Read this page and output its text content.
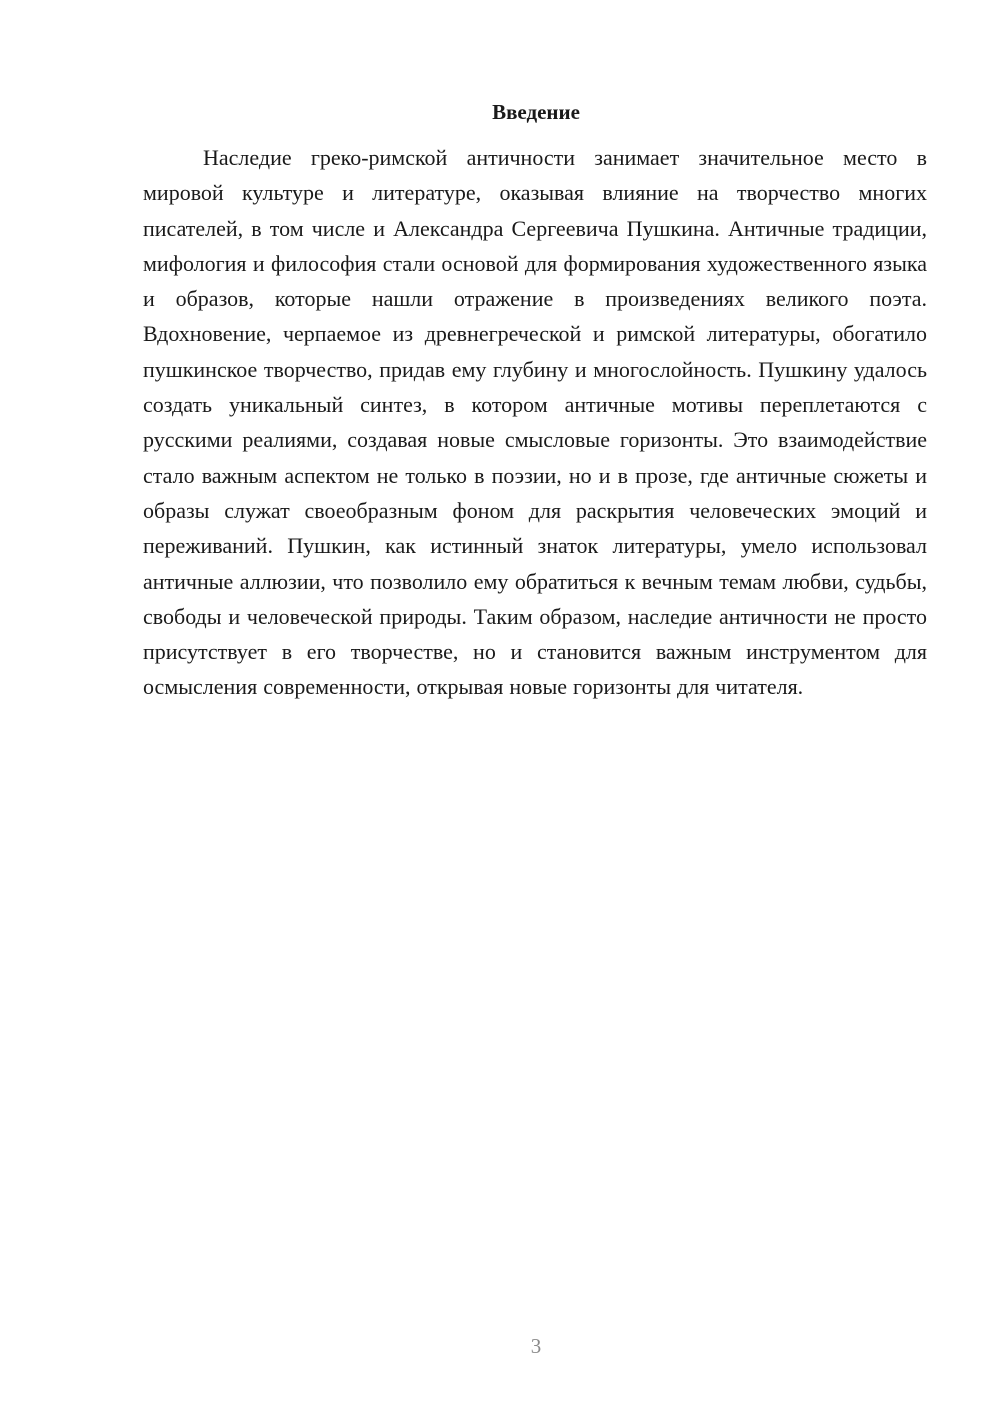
Введение

Наследие греко-римской античности занимает значительное место в мировой культуре и литературе, оказывая влияние на творчество многих писателей, в том числе и Александра Сергеевича Пушкина. Античные традиции, мифология и философия стали основой для формирования художественного языка и образов, которые нашли отражение в произведениях великого поэта. Вдохновение, черпаемое из древнегреческой и римской литературы, обогатило пушкинское творчество, придав ему глубину и многослойность. Пушкину удалось создать уникальный синтез, в котором античные мотивы переплетаются с русскими реалиями, создавая новые смысловые горизонты. Это взаимодействие стало важным аспектом не только в поэзии, но и в прозе, где античные сюжеты и образы служат своеобразным фоном для раскрытия человеческих эмоций и переживаний. Пушкин, как истинный знаток литературы, умело использовал античные аллюзии, что позволило ему обратиться к вечным темам любви, судьбы, свободы и человеческой природы. Таким образом, наследие античности не просто присутствует в его творчестве, но и становится важным инструментом для осмысления современности, открывая новые горизонты для читателя.

3
